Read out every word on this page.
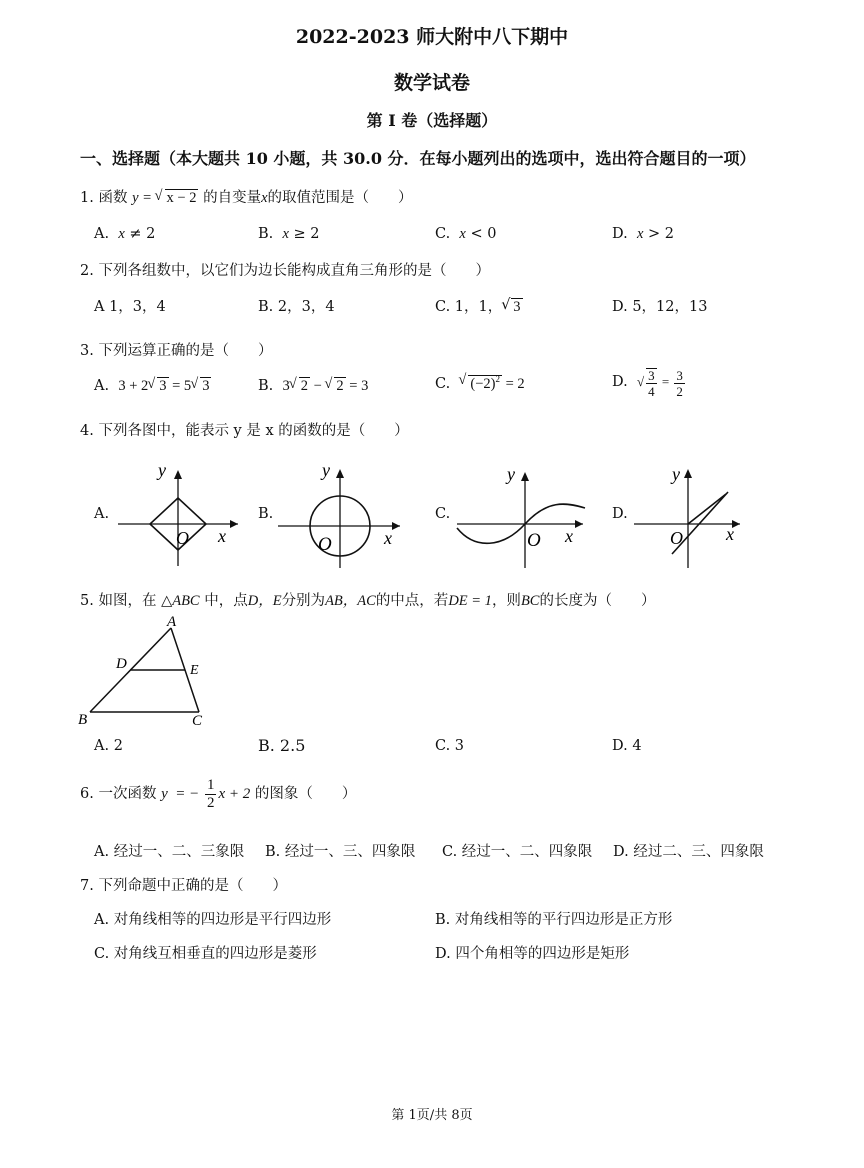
2022-2023 师大附中八下期中
数学试卷
第 I 卷（选择题）
一、选择题（本大题共 10 小题，共 30.0 分．在每小题列出的选项中，选出符合题目的一项）
1. 函数 y = √ x − 2 的自变量x的取值范围是（　　）
A. x ≠ 2	B. x ≥ 2	C. x < 0	D. x > 2
2. 下列各组数中，以它们为边长能构成直角三角形的是（　　）
A 1，3，4	B. 2，3，4	C. 1，1， √ 3	D. 5，12，13
3. 下列运算正确的是（　　）
A. 3 + 2 √ 3 = 5 √ 3	B. 3 √ 2 − √ 2 = 3	C. √ $(-2)^2 = 2$	D. √ $\frac{3}{4} = \frac{3}{2}$
4. 下列各图中，能表示 y 是 x 的函数的是（　　）
A.	B.	C.	D.
y
x
O
y
x
O
y
x
O
y
x
O
5. 如图，在 △ABC 中，点D，E分别为AB，AC的中点，若DE = 1，则BC的长度为（　　）
A
D	E
B	C
A. 2	B. 2.5	C. 3	D. 4
6. 一次函数 y  = − $\frac{1}{2}$ x + 2 的图象（　　）
A. 经过一、二、三象限 B. 经过一、三、四象限 C. 经过一、二、四象限 D. 经过二、三、四象限
7. 下列命题中正确的是（　　）
A. 对角线相等的四边形是平行四边形	B. 对角线相等的平行四边形是正方形
C. 对角线互相垂直的四边形是菱形	D. 四个角相等的四边形是矩形
第 1页/共 8页
